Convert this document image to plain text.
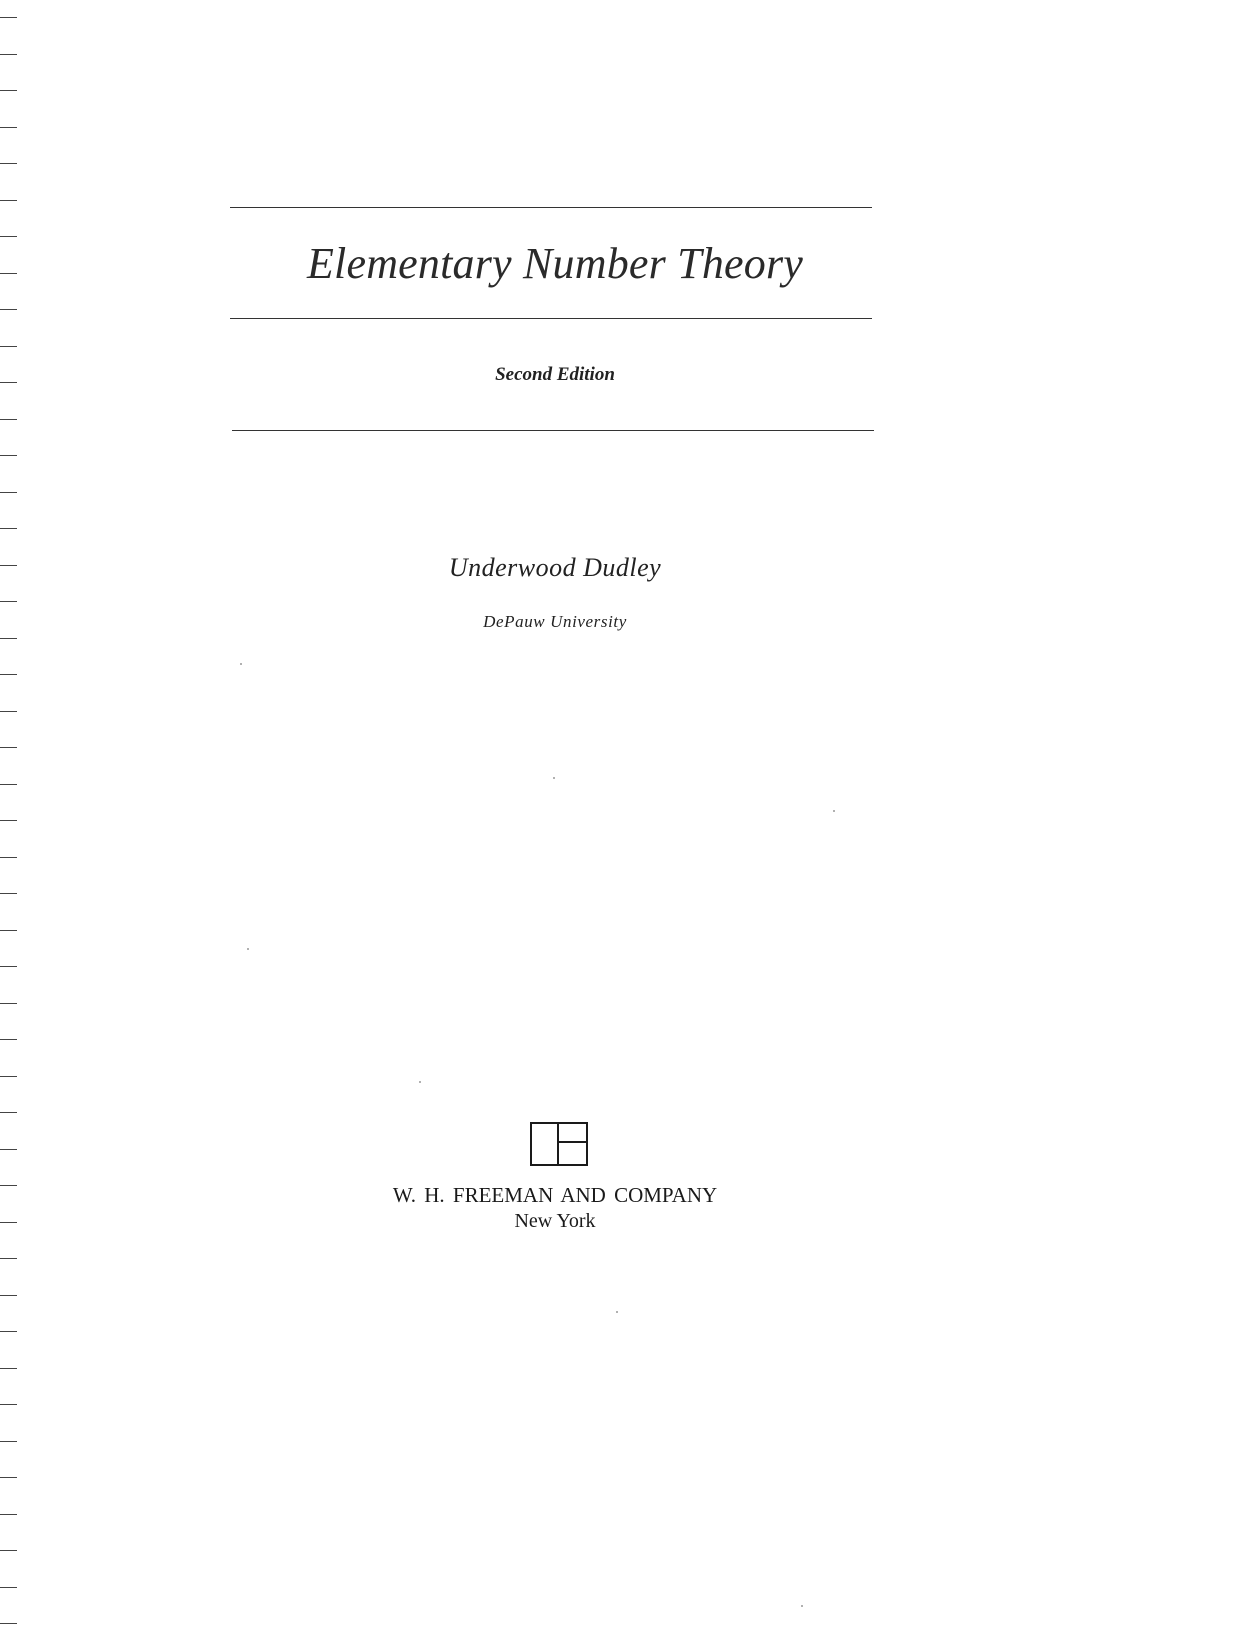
Elementary Number Theory
Second Edition
Underwood Dudley
DePauw University
W. H. FREEMAN AND COMPANY
New York
